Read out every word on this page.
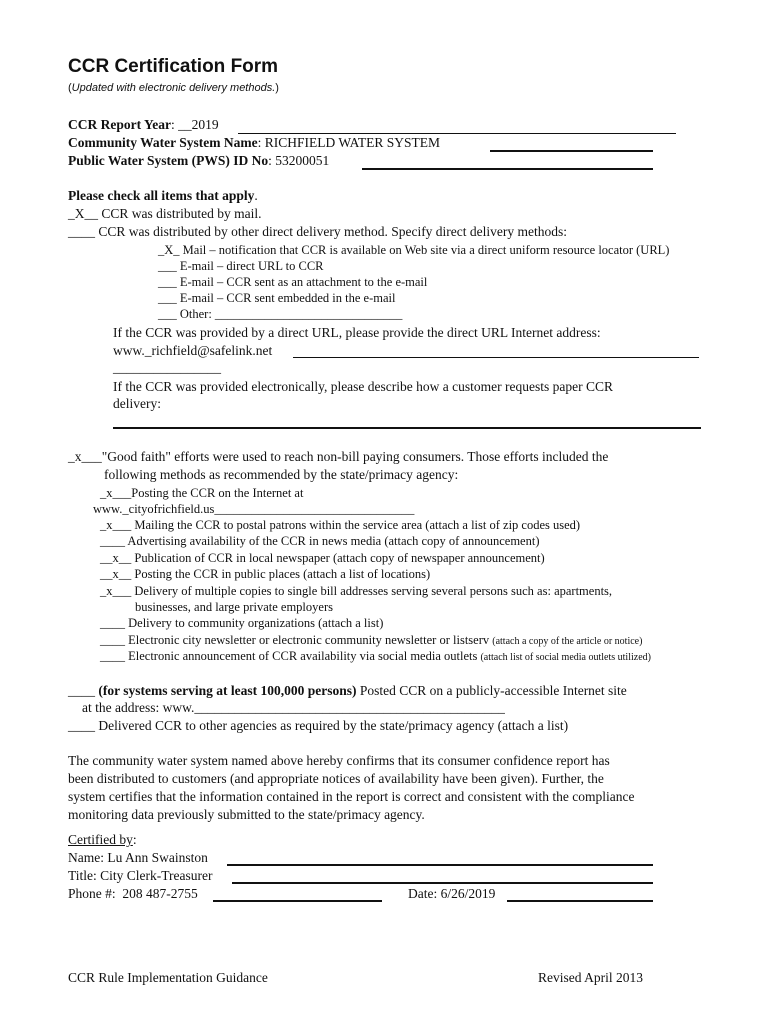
CCR Certification Form
(Updated with electronic delivery methods.)
CCR Report Year: __2019
Community Water System Name: RICHFIELD WATER SYSTEM
Public Water System (PWS) ID No: 53200051
Please check all items that apply.
_X__ CCR was distributed by mail.
____ CCR was distributed by other direct delivery method. Specify direct delivery methods:
_X_ Mail – notification that CCR is available on Web site via a direct uniform resource locator (URL)
___ E-mail – direct URL to CCR
___ E-mail – CCR sent as an attachment to the e-mail
___ E-mail – CCR sent embedded in the e-mail
___ Other: ______________________________
If the CCR was provided by a direct URL, please provide the direct URL Internet address:
www._richfield@safelink.net
________________
If the CCR was provided electronically, please describe how a customer requests paper CCR
delivery:
_x___"Good faith" efforts were used to reach non-bill paying consumers. Those efforts included the
following methods as recommended by the state/primacy agency:
_x___Posting the CCR on the Internet at
www._cityofrichfield.us________________________________
_x___ Mailing the CCR to postal patrons within the service area (attach a list of zip codes used)
____ Advertising availability of the CCR in news media (attach copy of announcement)
__x__ Publication of CCR in local newspaper (attach copy of newspaper announcement)
__x__ Posting the CCR in public places (attach a list of locations)
_x___ Delivery of multiple copies to single bill addresses serving several persons such as: apartments,
businesses, and large private employers
____ Delivery to community organizations (attach a list)
____ Electronic city newsletter or electronic community newsletter or listserv (attach a copy of the article or notice)
____ Electronic announcement of CCR availability via social media outlets (attach list of social media outlets utilized)
____ (for systems serving at least 100,000 persons) Posted CCR on a publicly-accessible Internet site
at the address: www.______________________________________________
____ Delivered CCR to other agencies as required by the state/primacy agency (attach a list)
The community water system named above hereby confirms that its consumer confidence report has
been distributed to customers (and appropriate notices of availability have been given). Further, the
system certifies that the information contained in the report is correct and consistent with the compliance
monitoring data previously submitted to the state/primacy agency.
Certified by:
Name: Lu Ann Swainston
Title: City Clerk-Treasurer
Phone #: 208 487-2755	Date: 6/26/2019
CCR Rule Implementation Guidance	Revised April 2013
